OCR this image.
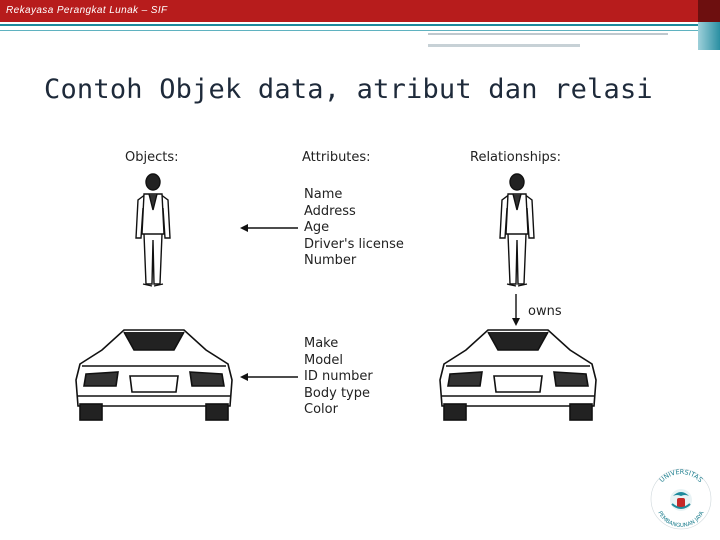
Rekayasa Perangkat Lunak – SIF
Contoh Objek data, atribut dan relasi
Objects:	Attributes:	Relationships:
Name
Address
Age
Driver's license
Number
Make
Model
ID number
Body type
Color
owns
UNIVERSITAS
PEMBANGUNAN JAYA
